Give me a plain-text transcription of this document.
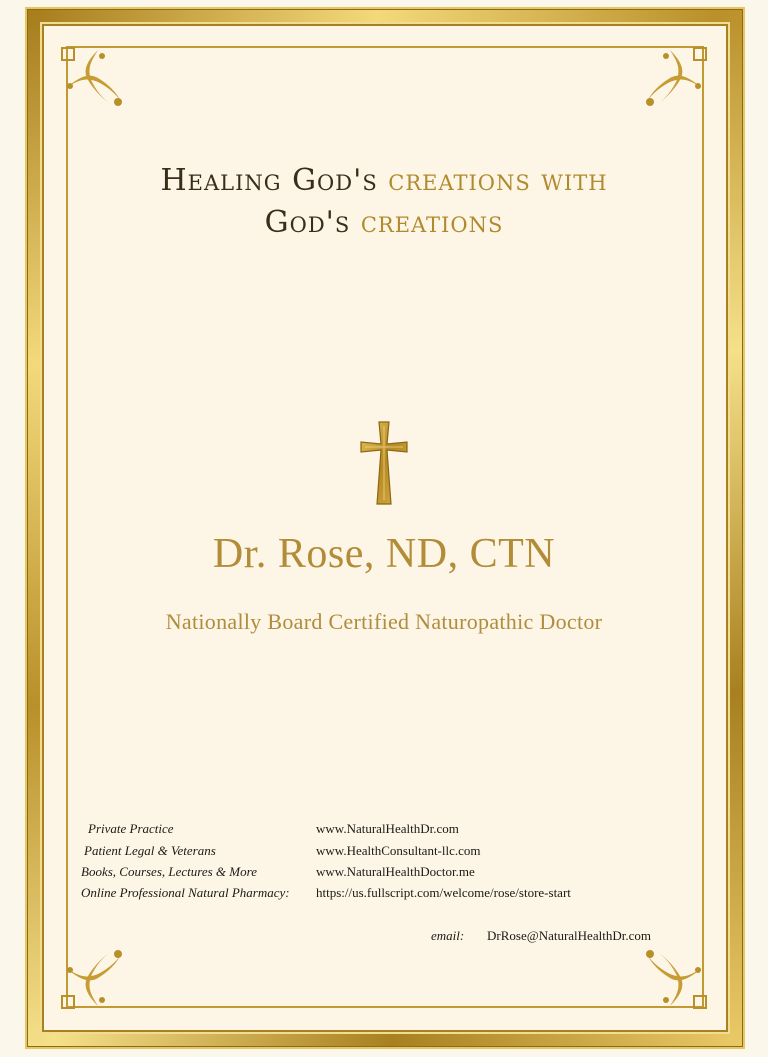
Healing God's creations with
God's creations
Dr. Rose, ND, CTN
Nationally Board Certified Naturopathic Doctor
Private Practice	www.NaturalHealthDr.com
Patient Legal & Veterans	www.HealthConsultant-llc.com
Books, Courses, Lectures & More	www.NaturalHealthDoctor.me
Online Professional Natural Pharmacy: https://us.fullscript.com/welcome/rose/store-start
email: DrRose@NaturalHealthDr.com
